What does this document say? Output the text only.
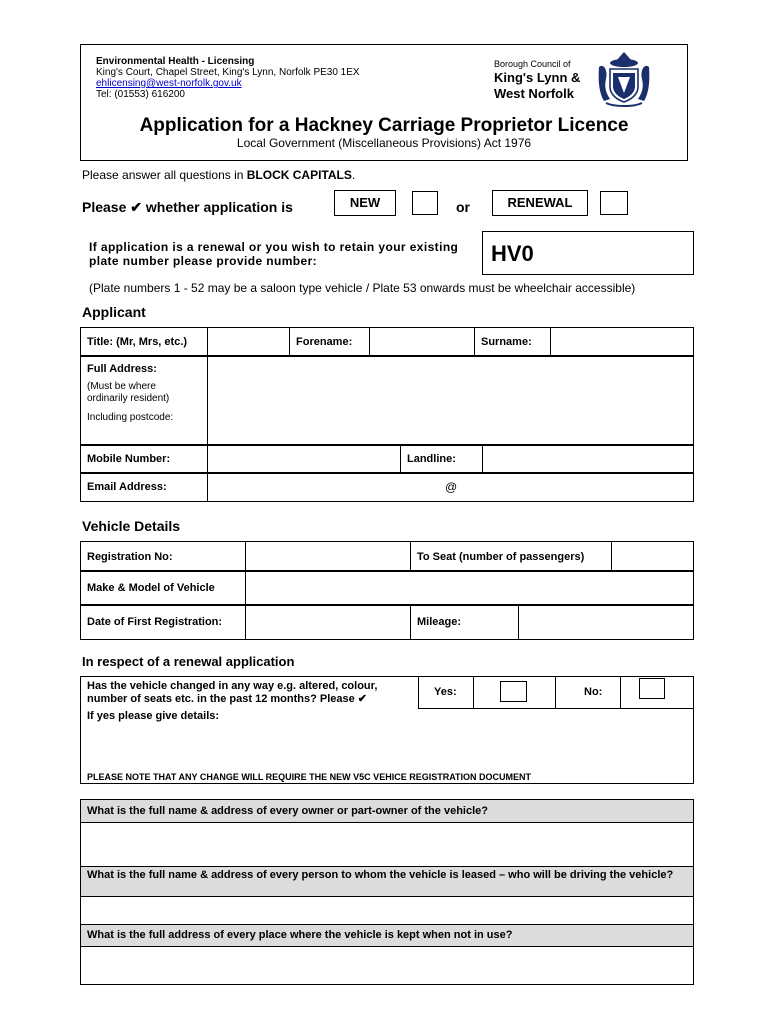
Environmental Health - Licensing
King's Court, Chapel Street, King's Lynn, Norfolk PE30 1EX
ehlicensing@west-norfolk.gov.uk
Tel: (01553) 616200
Borough Council of
King's Lynn &
West Norfolk
Application for a Hackney Carriage Proprietor Licence
Local Government (Miscellaneous Provisions) Act 1976
Please answer all questions in BLOCK CAPITALS.
Please ✔ whether application is	NEW	or	RENEWAL
If application is a renewal or you wish to retain your existing plate number please provide number:	HV0
(Plate numbers 1 - 52 may be a saloon type vehicle / Plate 53 onwards must be wheelchair accessible)
Applicant
Title: (Mr, Mrs, etc.)		Forename:		Surname:	
Full Address:
(Must be where ordinarily resident)
Including postcode:

Mobile Number:		Landline:	
Email Address:	@
Vehicle Details
Registration No:		To Seat (number of passengers)	
Make & Model of Vehicle	
Date of First Registration:		Mileage:	
In respect of a renewal application
Has the vehicle changed in any way e.g. altered, colour, number of seats etc. in the past 12 months? Please ✔
Yes:	No:
If yes please give details:
PLEASE NOTE THAT ANY CHANGE WILL REQUIRE THE NEW V5C VEHICE REGISTRATION DOCUMENT
What is the full name & address of every owner or part-owner of the vehicle?
What is the full name & address of every person to whom the vehicle is leased – who will be driving the vehicle?
What is the full address of every place where the vehicle is kept when not in use?
